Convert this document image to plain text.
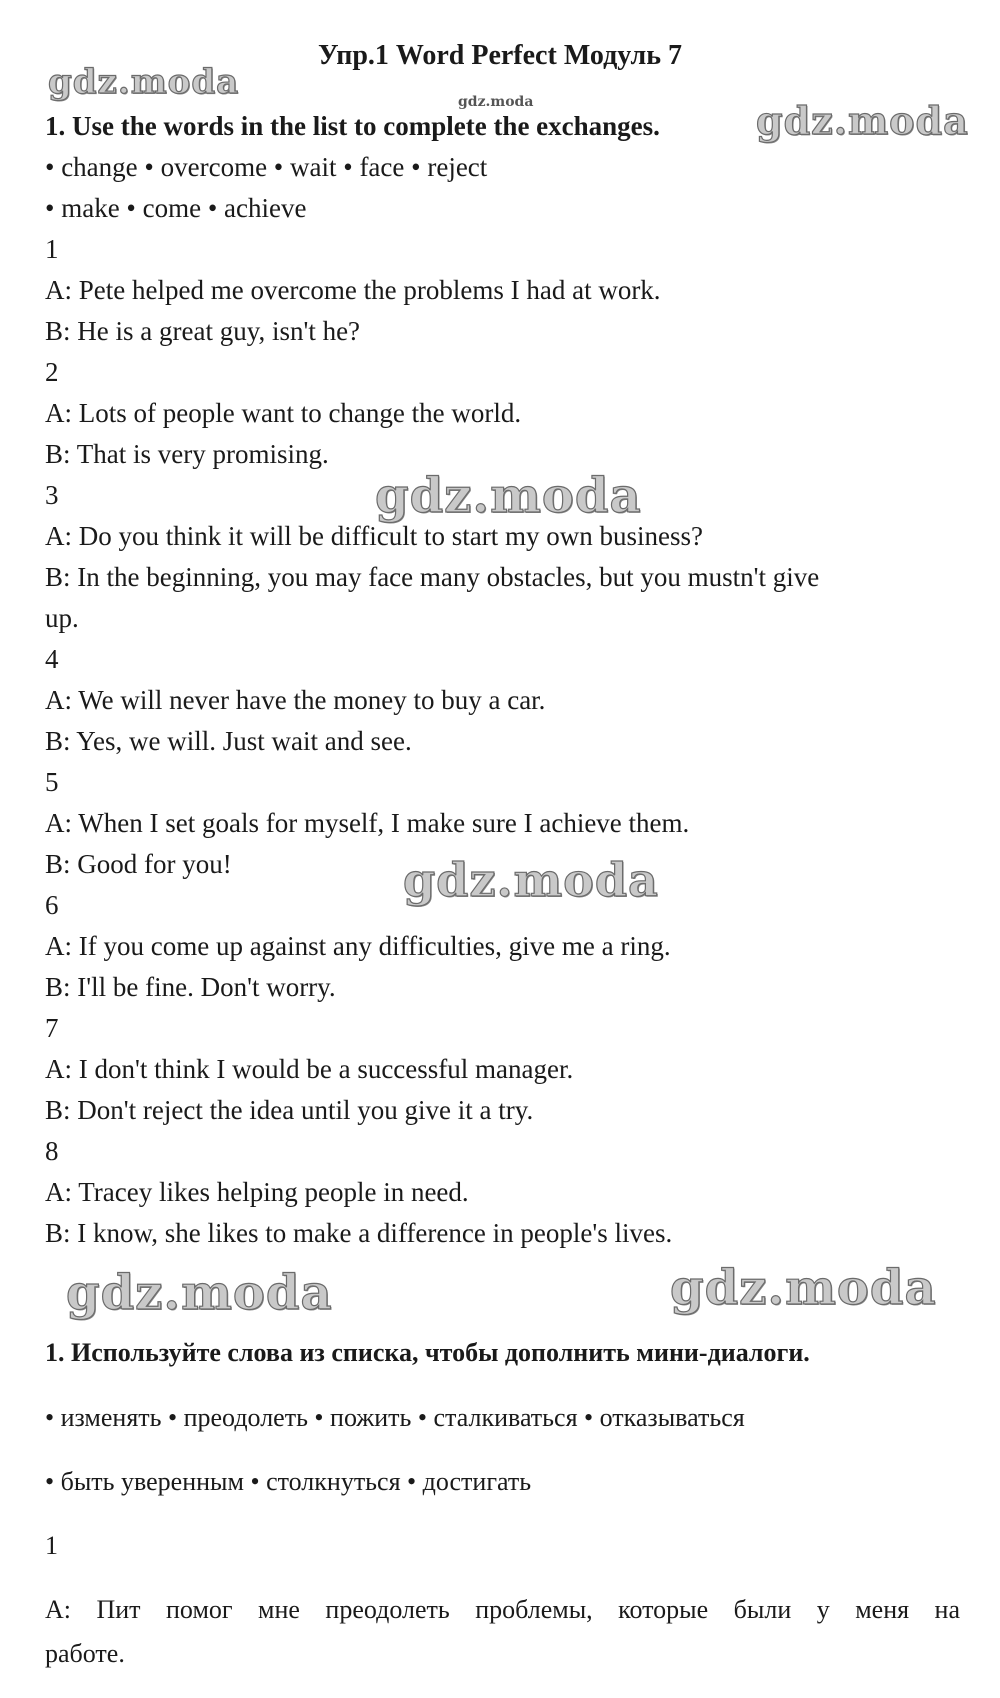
gdz.moda	gdz.moda	gdz.moda
gdz.moda
gdz.moda
gdz.moda	gdz.moda
Упр.1 Word Perfect Модуль 7
1. Use the words in the list to complete the exchanges.
• change • overcome • wait • face • reject
• make • come • achieve
1
A: Pete helped me overcome the problems I had at work.
B: He is a great guy, isn't he?
2
A: Lots of people want to change the world.
B: That is very promising.
3
A: Do you think it will be difficult to start my own business?
B: In the beginning, you may face many obstacles, but you mustn't give
up.
4
A: We will never have the money to buy a car.
B: Yes, we will. Just wait and see.
5
A: When I set goals for myself, I make sure I achieve them.
B: Good for you!
6
A: If you come up against any difficulties, give me a ring.
B: I'll be fine. Don't worry.
7
A: I don't think I would be a successful manager.
B: Don't reject the idea until you give it a try.
8
A: Tracey likes helping people in need.
B: I know, she likes to make a difference in people's lives.
1. Используйте слова из списка, чтобы дополнить мини-диалоги.
• изменять • преодолеть • пожить • сталкиваться • отказываться
• быть уверенным • столкнуться • достигать
1
A: Пит помог мне преодолеть проблемы, которые были у меня на
работе.
